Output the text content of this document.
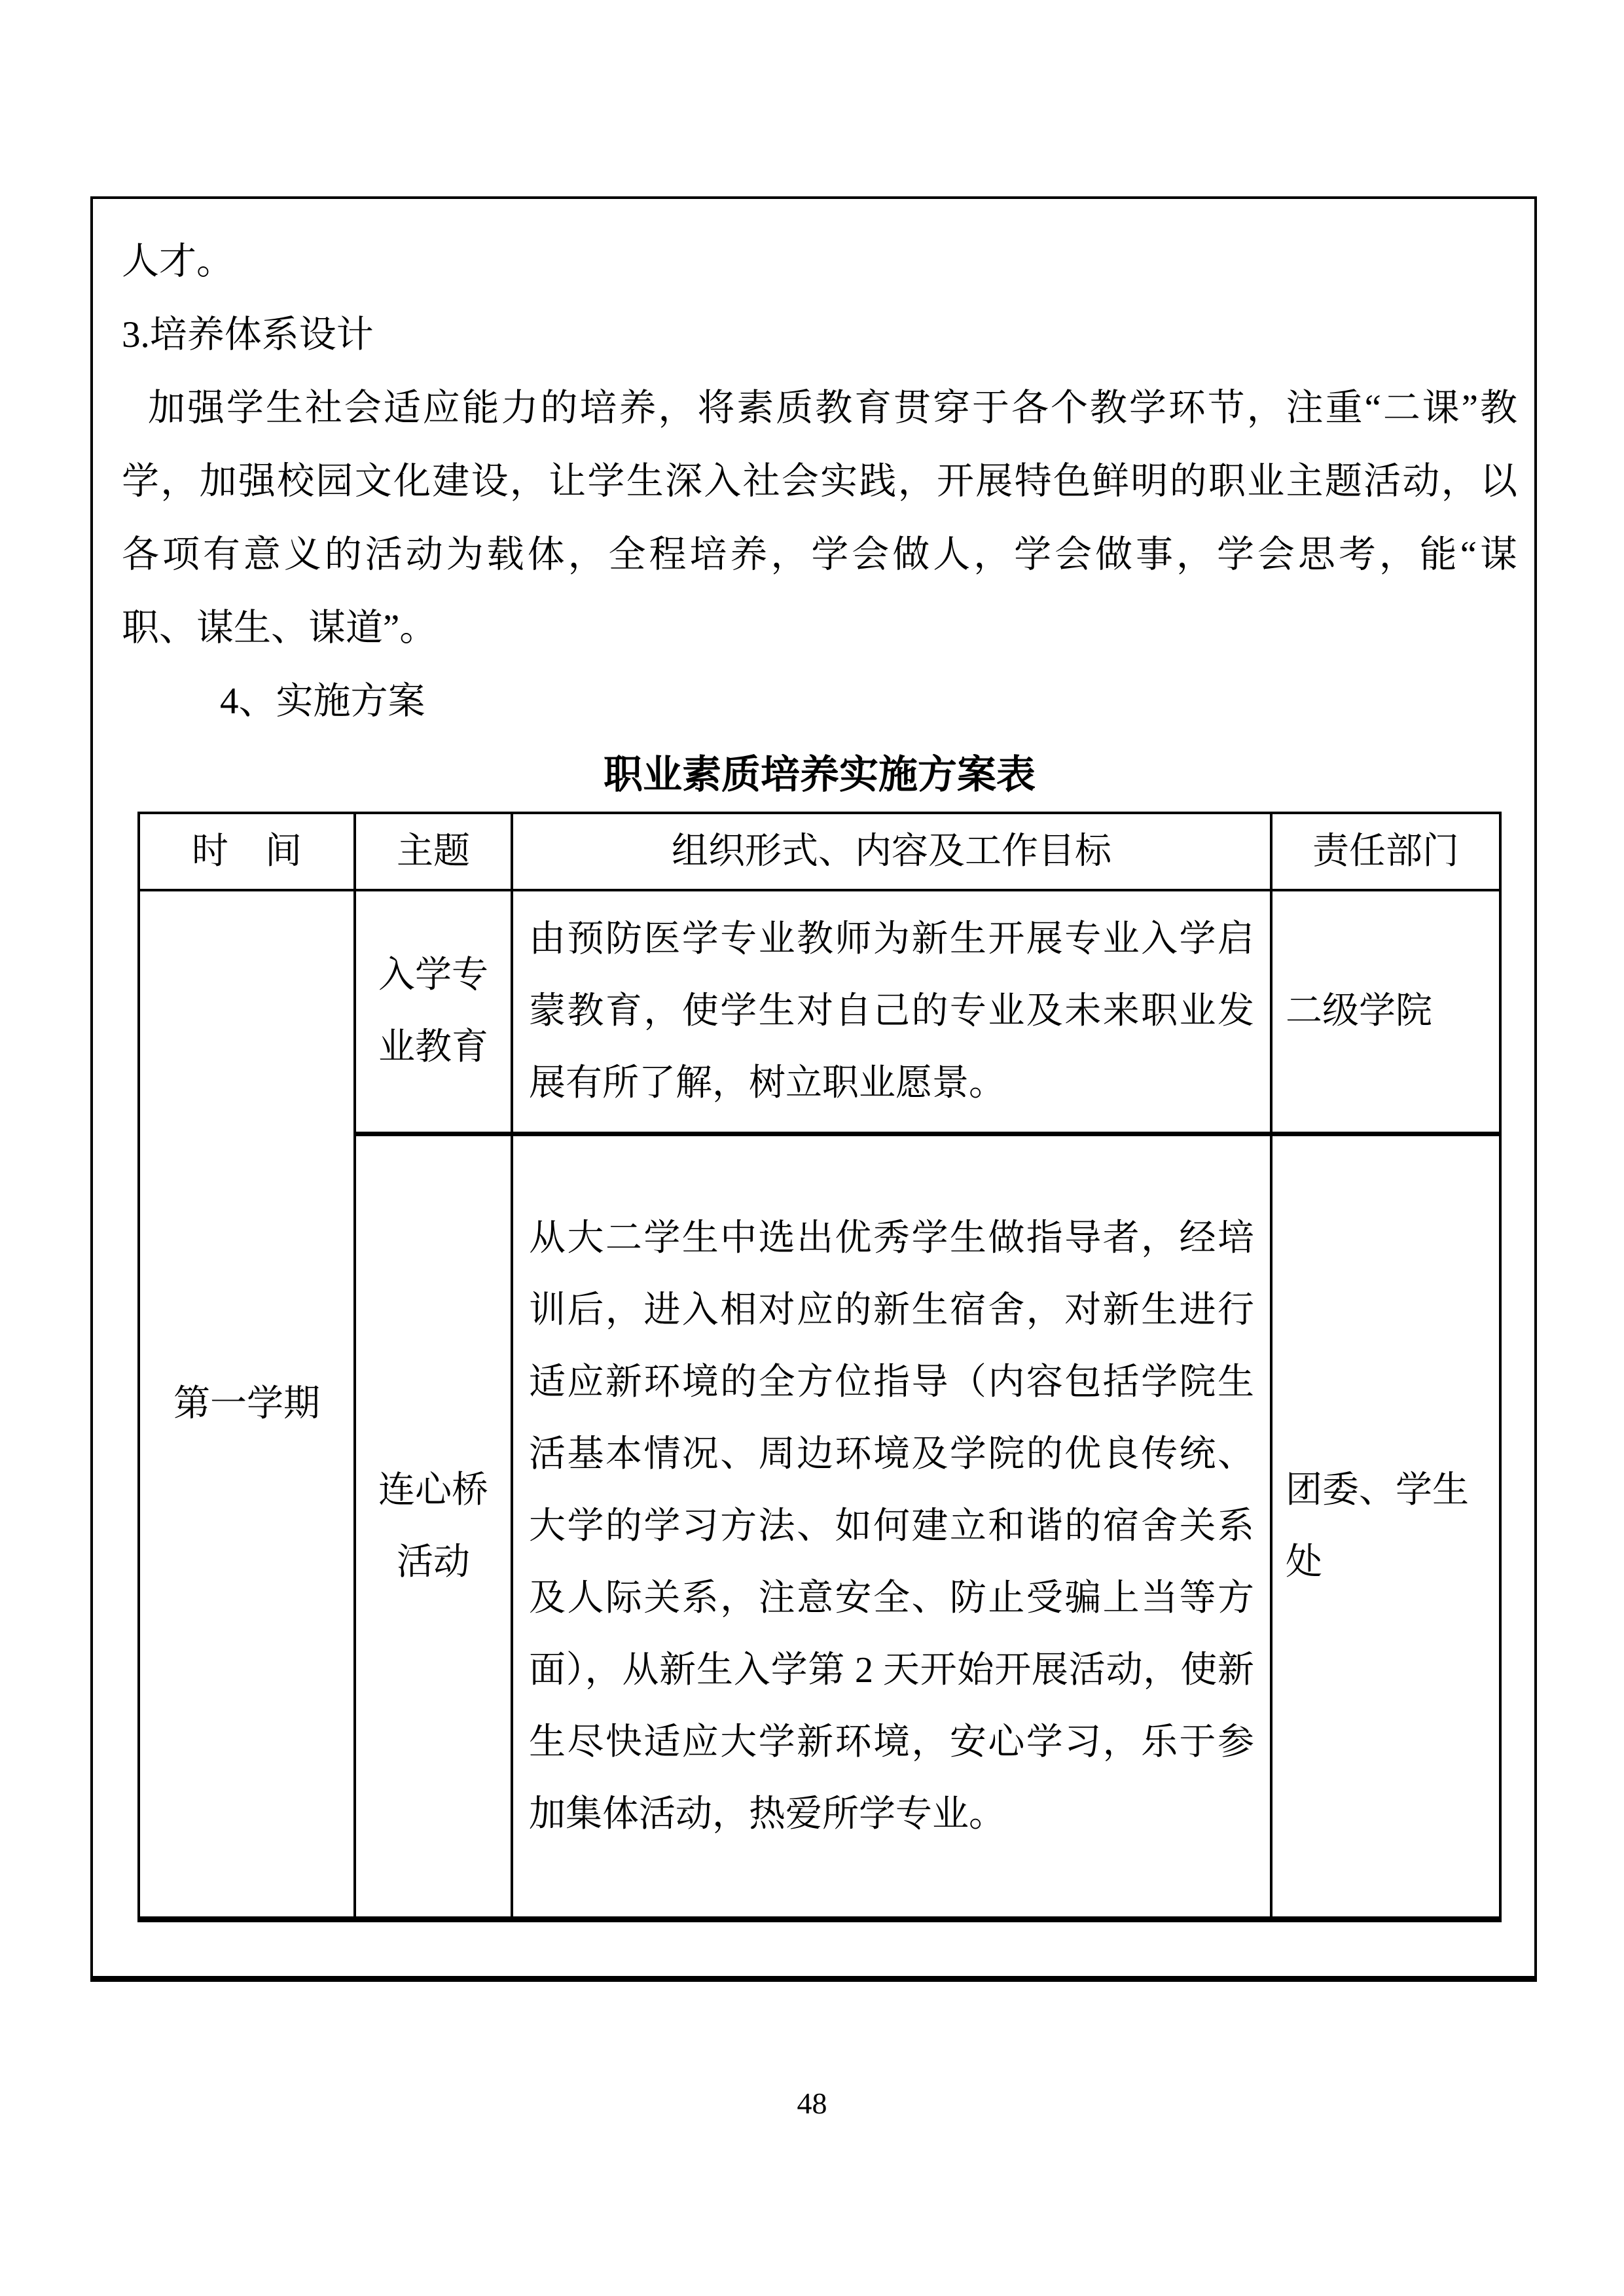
人才。

3.培养体系设计

加强学生社会适应能力的培养，将素质教育贯穿于各个教学环节，注重“二课”教
学，加强校园文化建设，让学生深入社会实践，开展特色鲜明的职业主题活动，以
各项有意义的活动为载体，全程培养，学会做人，学会做事，学会思考，能“谋
职、谋生、谋道”。

4、实施方案

职业素质培养实施方案表
时　间	主题	组织形式、内容及工作目标	责任部门
第一学期	入学专业教育	由预防医学专业教师为新生开展专业入学启蒙教育，使学生对自己的专业及未来职业发展有所了解，树立职业愿景。	二级学院
	连心桥活动	从大二学生中选出优秀学生做指导者，经培训后，进入相对应的新生宿舍，对新生进行适应新环境的全方位指导（内容包括学院生活基本情况、周边环境及学院的优良传统、大学的学习方法、如何建立和谐的宿舍关系及人际关系，注意安全、防止受骗上当等方面），从新生入学第 2 天开始开展活动，使新生尽快适应大学新环境，安心学习，乐于参加集体活动，热爱所学专业。	团委、学生处
48
